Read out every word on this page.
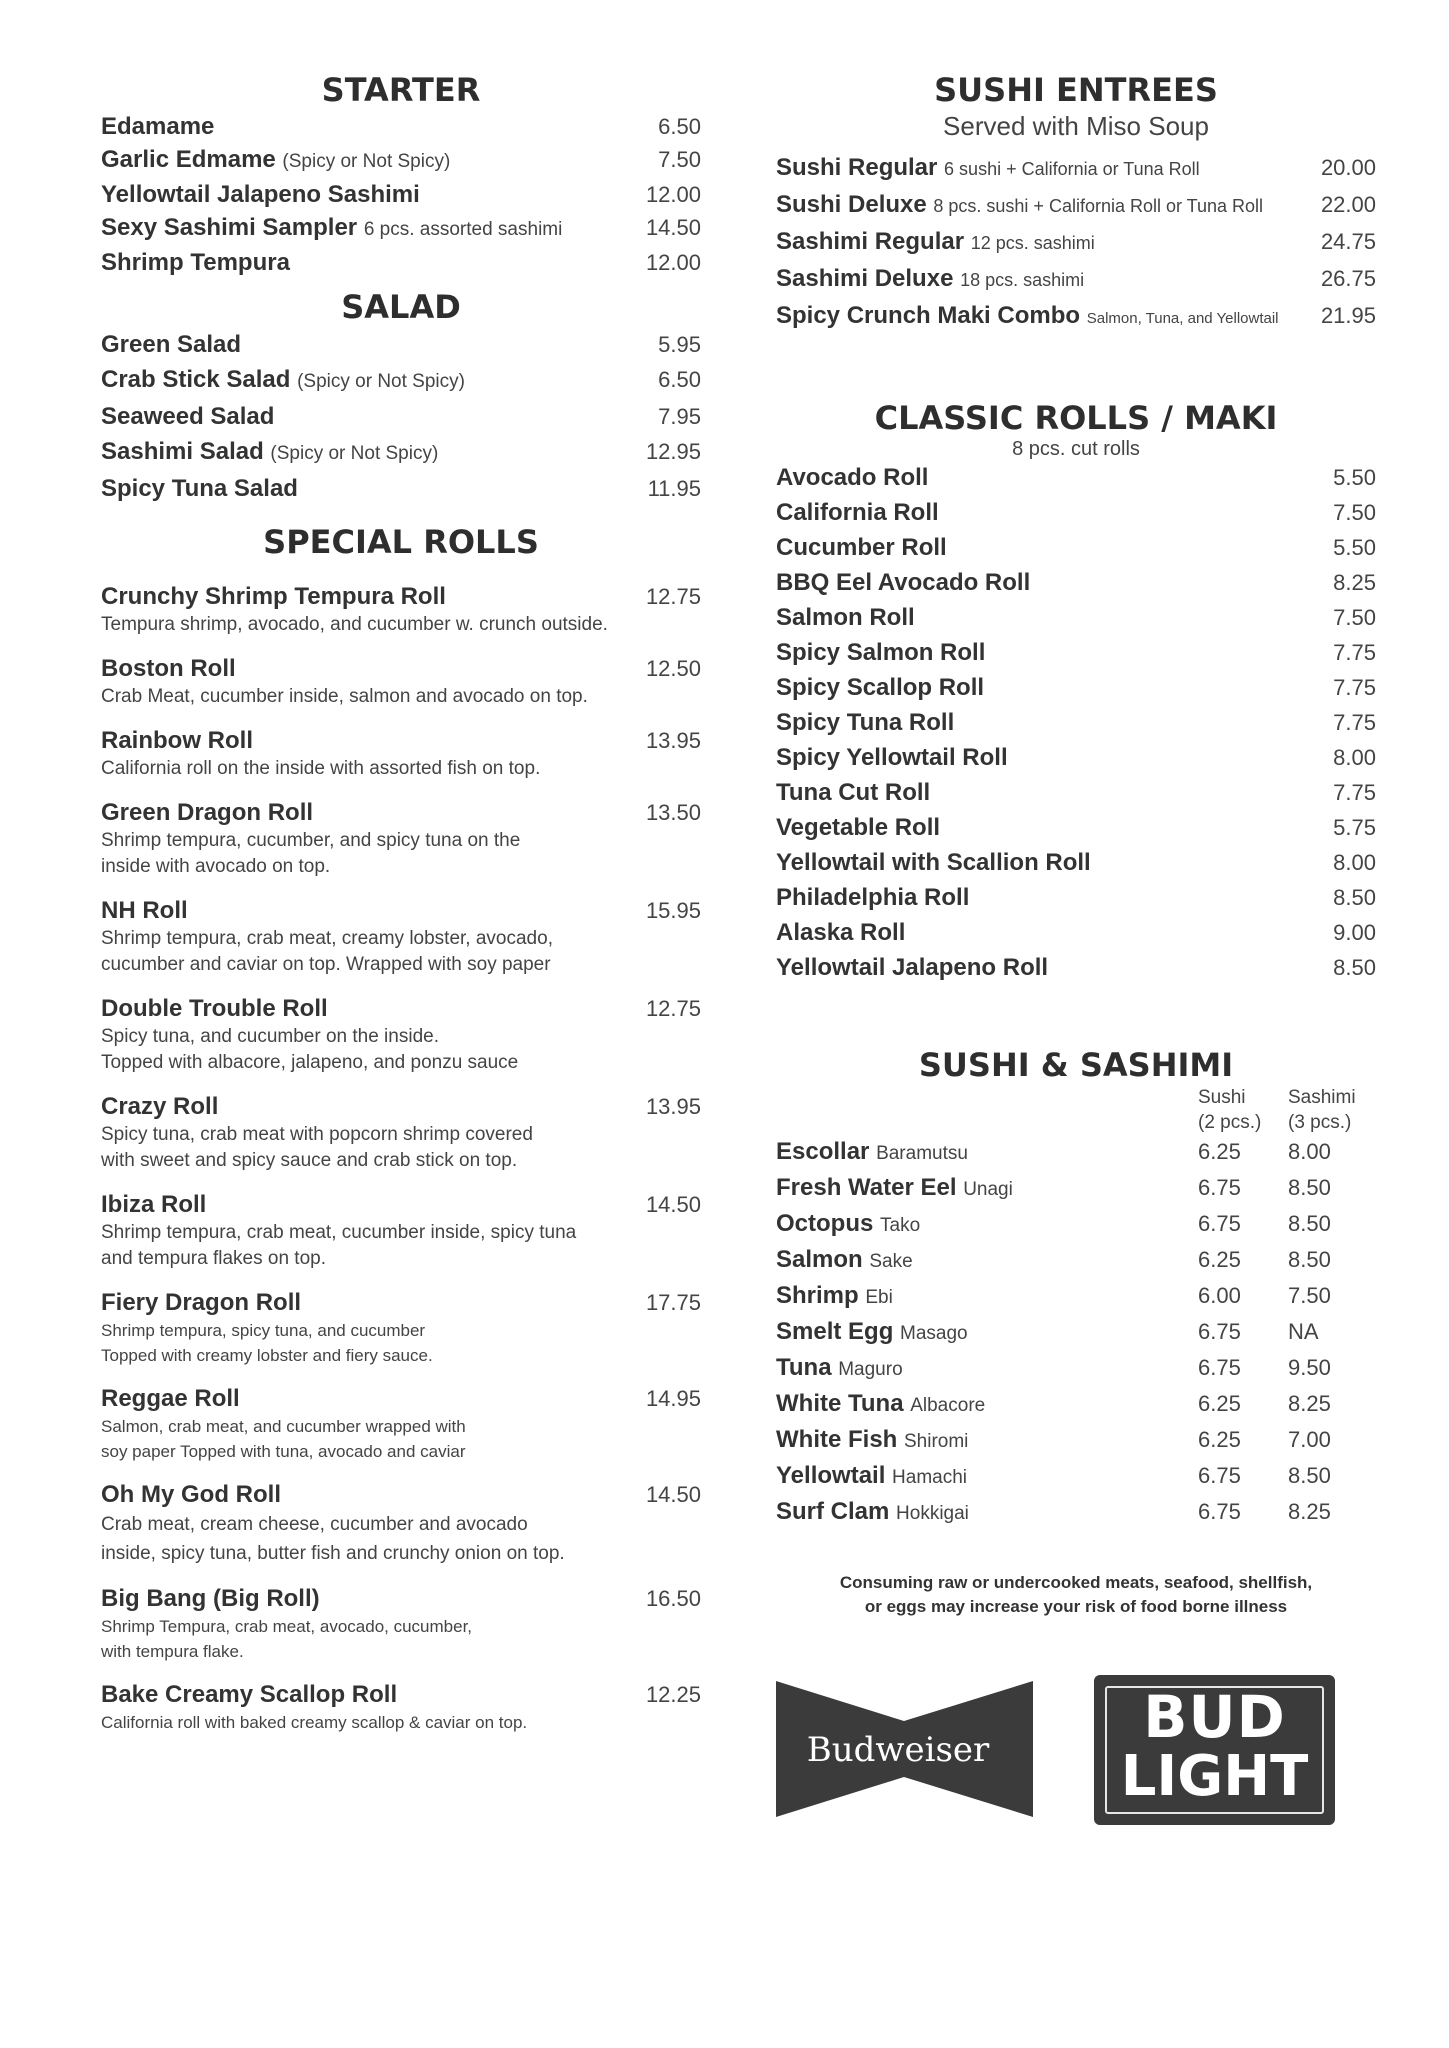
STARTER
Edamame	6.50
Garlic Edmame (Spicy or Not Spicy)	7.50
Yellowtail Jalapeno Sashimi	12.00
Sexy Sashimi Sampler 6 pcs. assorted sashimi	14.50
Shrimp Tempura	12.00
SALAD
Green Salad	5.95
Crab Stick Salad (Spicy or Not Spicy)	6.50
Seaweed Salad	7.95
Sashimi Salad (Spicy or Not Spicy)	12.95
Spicy Tuna Salad	11.95
SPECIAL ROLLS
Crunchy Shrimp Tempura Roll	12.75
Tempura shrimp, avocado, and cucumber w. crunch outside.
Boston Roll	12.50
Crab Meat, cucumber inside, salmon and avocado on top.
Rainbow Roll	13.95
California roll on the inside with assorted fish on top.
Green Dragon Roll	13.50
Shrimp tempura, cucumber, and spicy tuna on the
inside with avocado on top.
NH Roll	15.95
Shrimp tempura, crab meat, creamy lobster, avocado,
cucumber and caviar on top. Wrapped with soy paper
Double Trouble Roll	12.75
Spicy tuna, and cucumber on the inside.
Topped with albacore, jalapeno, and ponzu sauce
Crazy Roll	13.95
Spicy tuna, crab meat with popcorn shrimp covered
with sweet and spicy sauce and crab stick on top.
Ibiza Roll	14.50
Shrimp tempura, crab meat, cucumber inside, spicy tuna
and tempura flakes on top.
Fiery Dragon Roll	17.75
Shrimp tempura, spicy tuna, and cucumber
Topped with creamy lobster and fiery sauce.
Reggae Roll	14.95
Salmon, crab meat, and cucumber wrapped with
soy paper Topped with tuna, avocado and caviar
Oh My God Roll	14.50
Crab meat, cream cheese, cucumber and avocado
inside, spicy tuna, butter fish and crunchy onion on top.
Big Bang (Big Roll)	16.50
Shrimp Tempura, crab meat, avocado, cucumber,
with tempura flake.
Bake Creamy Scallop Roll	12.25
California roll with baked creamy scallop & caviar on top.
SUSHI ENTREES
Served with Miso Soup
Sushi Regular 6 sushi + California or Tuna Roll	20.00
Sushi Deluxe 8 pcs. sushi + California Roll or Tuna Roll	22.00
Sashimi Regular 12 pcs. sashimi	24.75
Sashimi Deluxe 18 pcs. sashimi	26.75
Spicy Crunch Maki Combo Salmon, Tuna, and Yellowtail 21.95
CLASSIC ROLLS / MAKI
8 pcs. cut rolls
Avocado Roll	5.50
California Roll	7.50
Cucumber Roll	5.50
BBQ Eel Avocado Roll	8.25
Salmon Roll	7.50
Spicy Salmon Roll	7.75
Spicy Scallop Roll	7.75
Spicy Tuna Roll	7.75
Spicy Yellowtail Roll	8.00
Tuna Cut Roll	7.75
Vegetable Roll	5.75
Yellowtail with Scallion Roll	8.00
Philadelphia Roll	8.50
Alaska Roll	9.00
Yellowtail Jalapeno Roll	8.50
SUSHI & SASHIMI
Sushi
(2 pcs.)
Sashimi
(3 pcs.)
Escollar Baramutsu	6.25	8.00
Fresh Water Eel Unagi	6.75	8.50
Octopus Tako	6.75	8.50
Salmon Sake	6.25	8.50
Shrimp Ebi	6.00	7.50
Smelt Egg Masago	6.75	NA
Tuna Maguro	6.75	9.50
White Tuna Albacore	6.25	8.25
White Fish Shiromi	6.25	7.00
Yellowtail Hamachi	6.75	8.50
Surf Clam Hokkigai	6.75	8.25
Consuming raw or undercooked meats, seafood, shellfish,
or eggs may increase your risk of food borne illness
Budweiser	BUD
LIGHT
